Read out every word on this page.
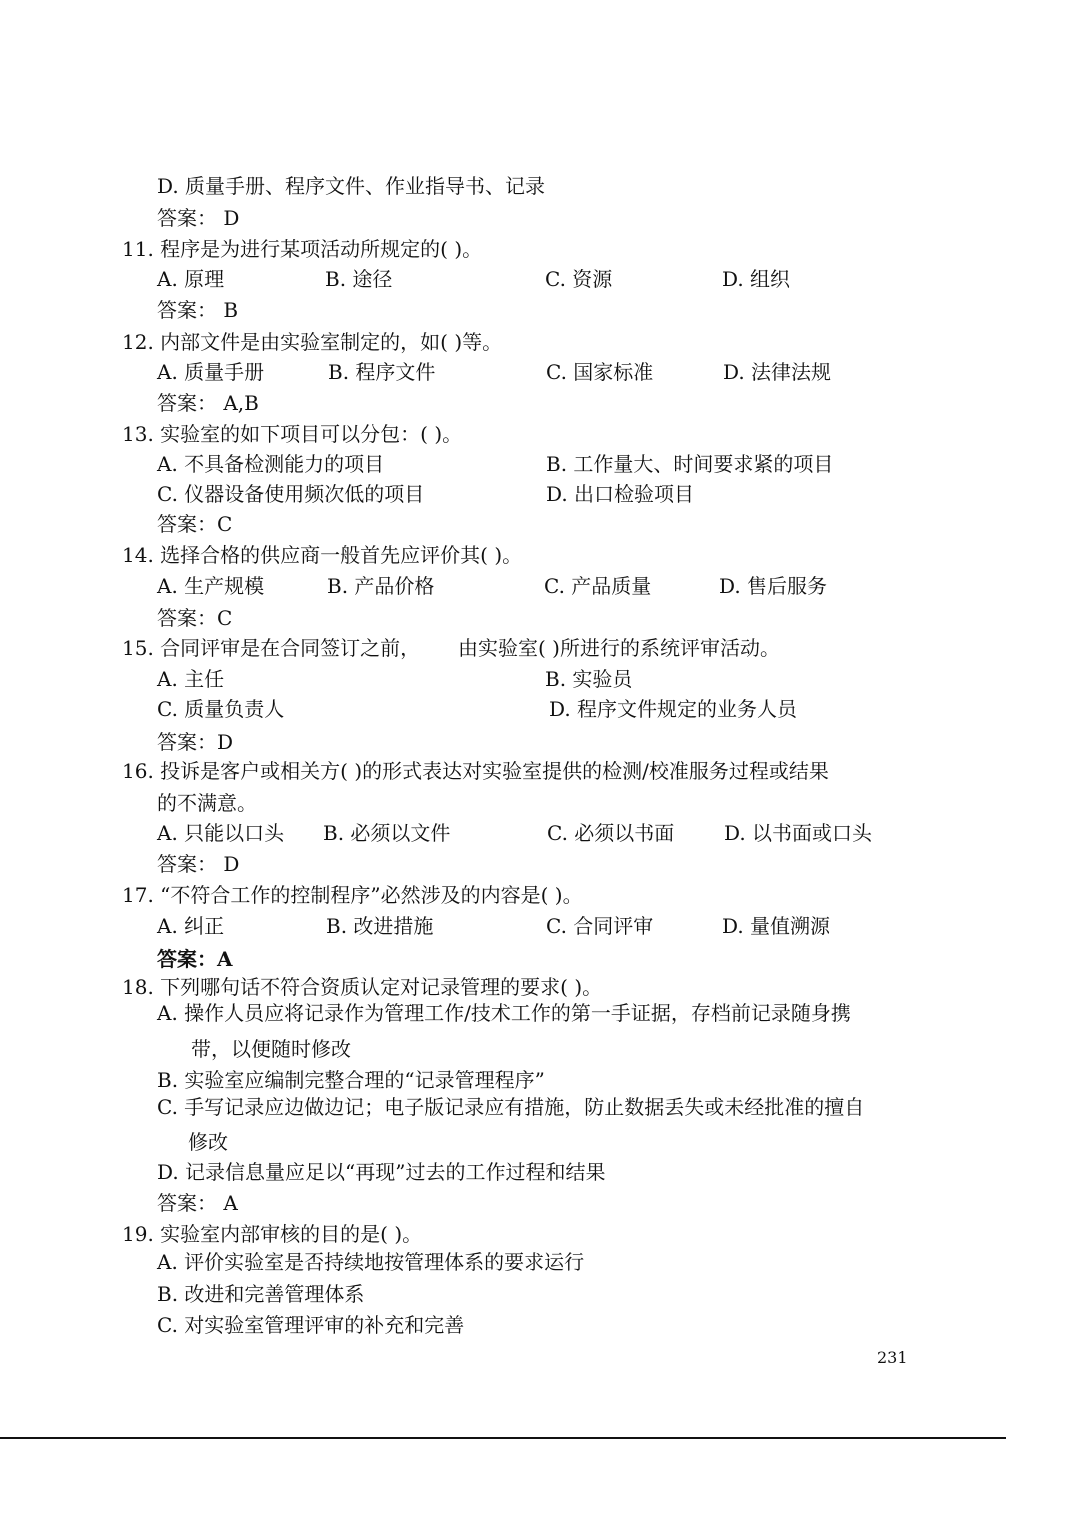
D. 质量手册、程序文件、作业指导书、记录
答案： D
11. 程序是为进行某项活动所规定的( )。
A. 原理	B. 途径	C. 资源	D. 组织
答案： B
12. 内部文件是由实验室制定的，如( )等。
A. 质量手册	B. 程序文件	C. 国家标准	D. 法律法规
答案： A,B
13. 实验室的如下项目可以分包：( )。
A. 不具备检测能力的项目	B. 工作量大、时间要求紧的项目
C. 仪器设备使用频次低的项目	D. 出口检验项目
答案：C
14. 选择合格的供应商一般首先应评价其( )。
A. 生产规模	B. 产品价格	C. 产品质量	D. 售后服务
答案：C
15. 合同评审是在合同签订之前， 由实验室( )所进行的系统评审活动。
A. 主任	B. 实验员
C. 质量负责人	D. 程序文件规定的业务人员
答案：D
16. 投诉是客户或相关方( )的形式表达对实验室提供的检测/校准服务过程或结果
的不满意。
A. 只能以口头 B. 必须以文件	C. 必须以书面 D. 以书面或口头
答案： D
17. “不符合工作的控制程序”必然涉及的内容是( )。
A. 纠正	B. 改进措施	C. 合同评审	D. 量值溯源
答案：A
18. 下列哪句话不符合资质认定对记录管理的要求( )。
A. 操作人员应将记录作为管理工作/技术工作的第一手证据，存档前记录随身携
带，以便随时修改
B. 实验室应编制完整合理的“记录管理程序”
C. 手写记录应边做边记；电子版记录应有措施，防止数据丢失或未经批准的擅自
修改
D. 记录信息量应足以“再现”过去的工作过程和结果
答案： A
19. 实验室内部审核的目的是( )。
A. 评价实验室是否持续地按管理体系的要求运行
B. 改进和完善管理体系
C. 对实验室管理评审的补充和完善
231
